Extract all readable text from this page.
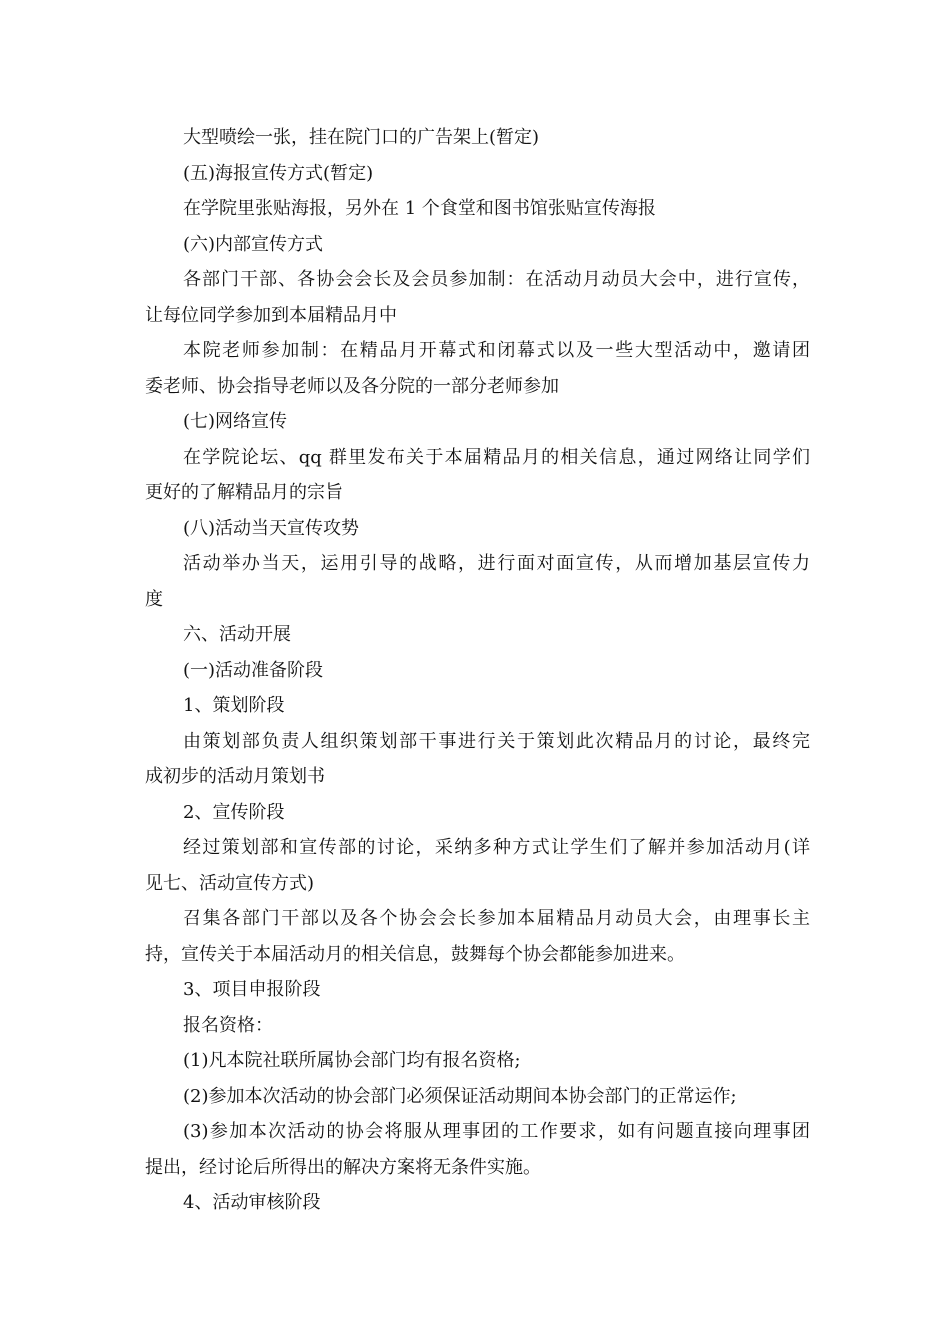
大型喷绘一张，挂在院门口的广告架上(暂定)
(五)海报宣传方式(暂定)
在学院里张贴海报，另外在 1 个食堂和图书馆张贴宣传海报
(六)内部宣传方式
各部门干部、各协会会长及会员参加制：在活动月动员大会中，进行宣传，
让每位同学参加到本届精品月中
本院老师参加制：在精品月开幕式和闭幕式以及一些大型活动中，邀请团
委老师、协会指导老师以及各分院的一部分老师参加
(七)网络宣传
在学院论坛、qq 群里发布关于本届精品月的相关信息，通过网络让同学们
更好的了解精品月的宗旨
(八)活动当天宣传攻势
活动举办当天，运用引导的战略，进行面对面宣传，从而增加基层宣传力
度
六、活动开展
(一)活动准备阶段
1、策划阶段
由策划部负责人组织策划部干事进行关于策划此次精品月的讨论，最终完
成初步的活动月策划书
2、宣传阶段
经过策划部和宣传部的讨论，采纳多种方式让学生们了解并参加活动月(详
见七、活动宣传方式)
召集各部门干部以及各个协会会长参加本届精品月动员大会，由理事长主
持，宣传关于本届活动月的相关信息，鼓舞每个协会都能参加进来。
3、项目申报阶段
报名资格：
(1)凡本院社联所属协会部门均有报名资格;
(2)参加本次活动的协会部门必须保证活动期间本协会部门的正常运作;
(3)参加本次活动的协会将服从理事团的工作要求，如有问题直接向理事团
提出，经讨论后所得出的解决方案将无条件实施。
4、活动审核阶段
